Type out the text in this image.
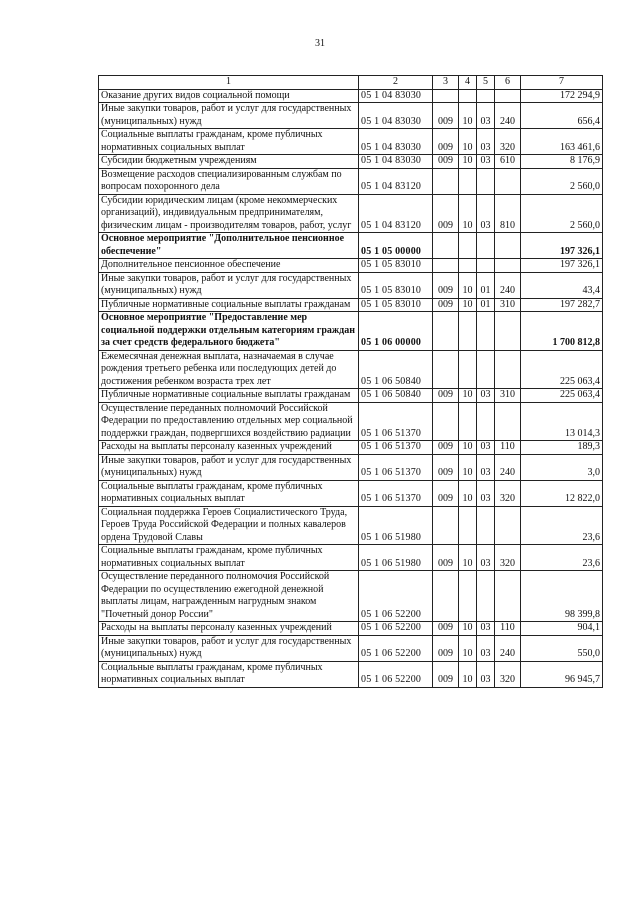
31
1	2	3	4	5	6	7
Оказание других видов социальной помощи	05 1 04 83030					172 294,9
Иные закупки товаров, работ и услуг для государственных (муниципальных) нужд	05 1 04 83030	009	10	03	240	656,4
Социальные выплаты гражданам, кроме публичных нормативных социальных выплат	05 1 04 83030	009	10	03	320	163 461,6
Субсидии бюджетным учреждениям	05 1 04 83030	009	10	03	610	8 176,9
Возмещение расходов специализированным службам по вопросам похоронного дела	05 1 04 83120					2 560,0
Субсидии юридическим лицам (кроме некоммерческих организаций), индивидуальным предпринимателям, физическим лицам - производителям товаров, работ, услуг	05 1 04 83120	009	10	03	810	2 560,0
Основное мероприятие "Дополнительное пенсионное обеспечение"	05 1 05 00000					197 326,1
Дополнительное пенсионное обеспечение	05 1 05 83010					197 326,1
Иные закупки товаров, работ и услуг для государственных (муниципальных) нужд	05 1 05 83010	009	10	01	240	43,4
Публичные нормативные социальные выплаты гражданам	05 1 05 83010	009	10	01	310	197 282,7
Основное мероприятие "Предоставление мер социальной поддержки отдельным категориям граждан за счет средств федерального бюджета"	05 1 06 00000					1 700 812,8
Ежемесячная денежная выплата, назначаемая в случае рождения третьего ребенка или последующих детей до достижения ребенком возраста трех лет	05 1 06 50840					225 063,4
Публичные нормативные социальные выплаты гражданам	05 1 06 50840	009	10	03	310	225 063,4
Осуществление переданных полномочий Российской Федерации по предоставлению отдельных мер социальной поддержки граждан, подвергшихся воздействию радиации	05 1 06 51370					13 014,3
Расходы на выплаты персоналу казенных учреждений	05 1 06 51370	009	10	03	110	189,3
Иные закупки товаров, работ и услуг для государственных (муниципальных) нужд	05 1 06 51370	009	10	03	240	3,0
Социальные выплаты гражданам, кроме публичных нормативных социальных выплат	05 1 06 51370	009	10	03	320	12 822,0
Социальная поддержка Героев Социалистического Труда, Героев Труда Российской Федерации и полных кавалеров ордена Трудовой Славы	05 1 06 51980					23,6
Социальные выплаты гражданам, кроме публичных нормативных социальных выплат	05 1 06 51980	009	10	03	320	23,6
Осуществление переданного полномочия Российской Федерации по осуществлению ежегодной денежной выплаты лицам, награжденным нагрудным знаком "Почетный донор России"	05 1 06 52200					98 399,8
Расходы на выплаты персоналу казенных учреждений	05 1 06 52200	009	10	03	110	904,1
Иные закупки товаров, работ и услуг для государственных (муниципальных) нужд	05 1 06 52200	009	10	03	240	550,0
Социальные выплаты гражданам, кроме публичных нормативных социальных выплат	05 1 06 52200	009	10	03	320	96 945,7
